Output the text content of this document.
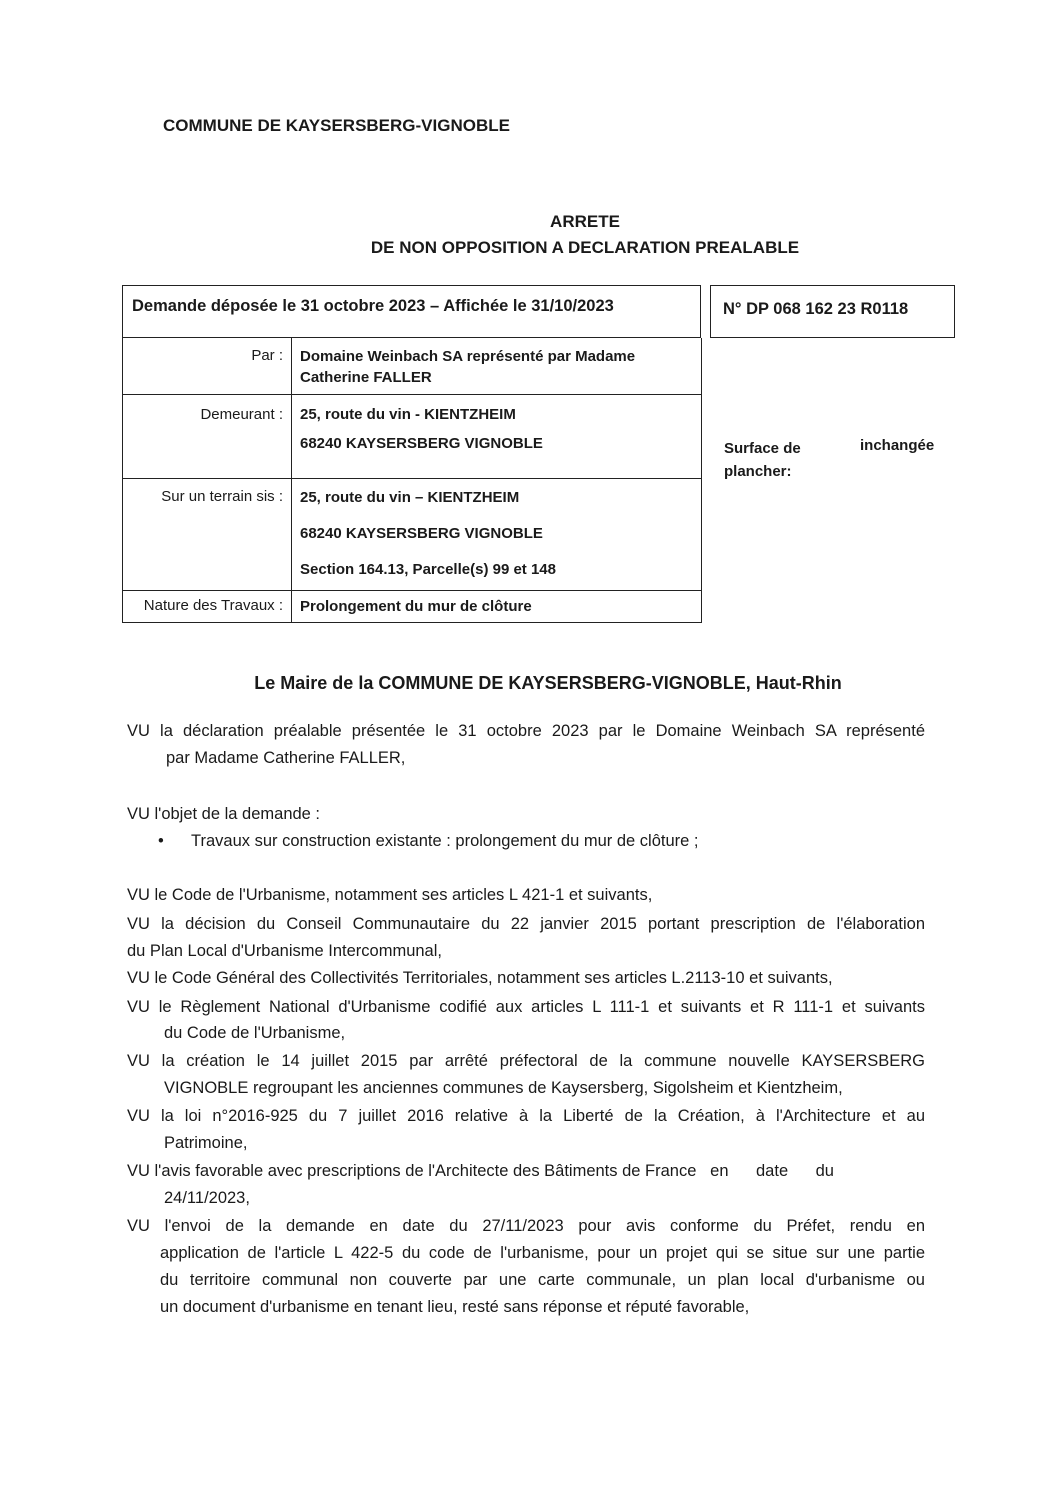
COMMUNE DE KAYSERSBERG-VIGNOBLE
ARRETE
DE NON OPPOSITION A DECLARATION PREALABLE
Demande déposée le 31 octobre 2023 – Affichée le 31/10/2023	N° DP 068 162 23 R0118
Par : Domaine Weinbach SA représenté par Madame
Catherine FALLER
Demeurant : 25, route du vin - KIENTZHEIM
68240 KAYSERSBERG VIGNOBLE
Sur un terrain sis : 25, route du vin – KIENTZHEIM
68240 KAYSERSBERG VIGNOBLE
Section 164.13, Parcelle(s) 99 et 148
Nature des Travaux : Prolongement du mur de clôture
Surface de
plancher:
inchangée
Le Maire de la COMMUNE DE KAYSERSBERG-VIGNOBLE, Haut-Rhin
VU la déclaration préalable présentée le 31 octobre 2023 par le Domaine Weinbach SA représenté
par Madame Catherine FALLER,
VU l'objet de la demande :
• Travaux sur construction existante : prolongement du mur de clôture ;
VU le Code de l'Urbanisme, notamment ses articles L 421-1 et suivants,
VU la décision du Conseil Communautaire du 22 janvier 2015 portant prescription de l'élaboration
du Plan Local d'Urbanisme Intercommunal,
VU le Code Général des Collectivités Territoriales, notamment ses articles L.2113-10 et suivants,
VU le Règlement National d'Urbanisme codifié aux articles L 111-1 et suivants et R 111-1 et suivants
du Code de l'Urbanisme,
VU la création le 14 juillet 2015 par arrêté préfectoral de la commune nouvelle KAYSERSBERG
VIGNOBLE regroupant les anciennes communes de Kaysersberg, Sigolsheim et Kientzheim,
VU la loi n°2016-925 du 7 juillet 2016 relative à la Liberté de la Création, à l'Architecture et au
Patrimoine,
VU l'avis favorable avec prescriptions de l'Architecte des Bâtiments de France   en      date      du
24/11/2023,
VU l'envoi de la demande en date du 27/11/2023 pour avis conforme du Préfet, rendu en
application de l'article L 422-5 du code de l'urbanisme, pour un projet qui se situe sur une partie
du territoire communal non couverte par une carte communale, un plan local d'urbanisme ou
un document d'urbanisme en tenant lieu, resté sans réponse et réputé favorable,
